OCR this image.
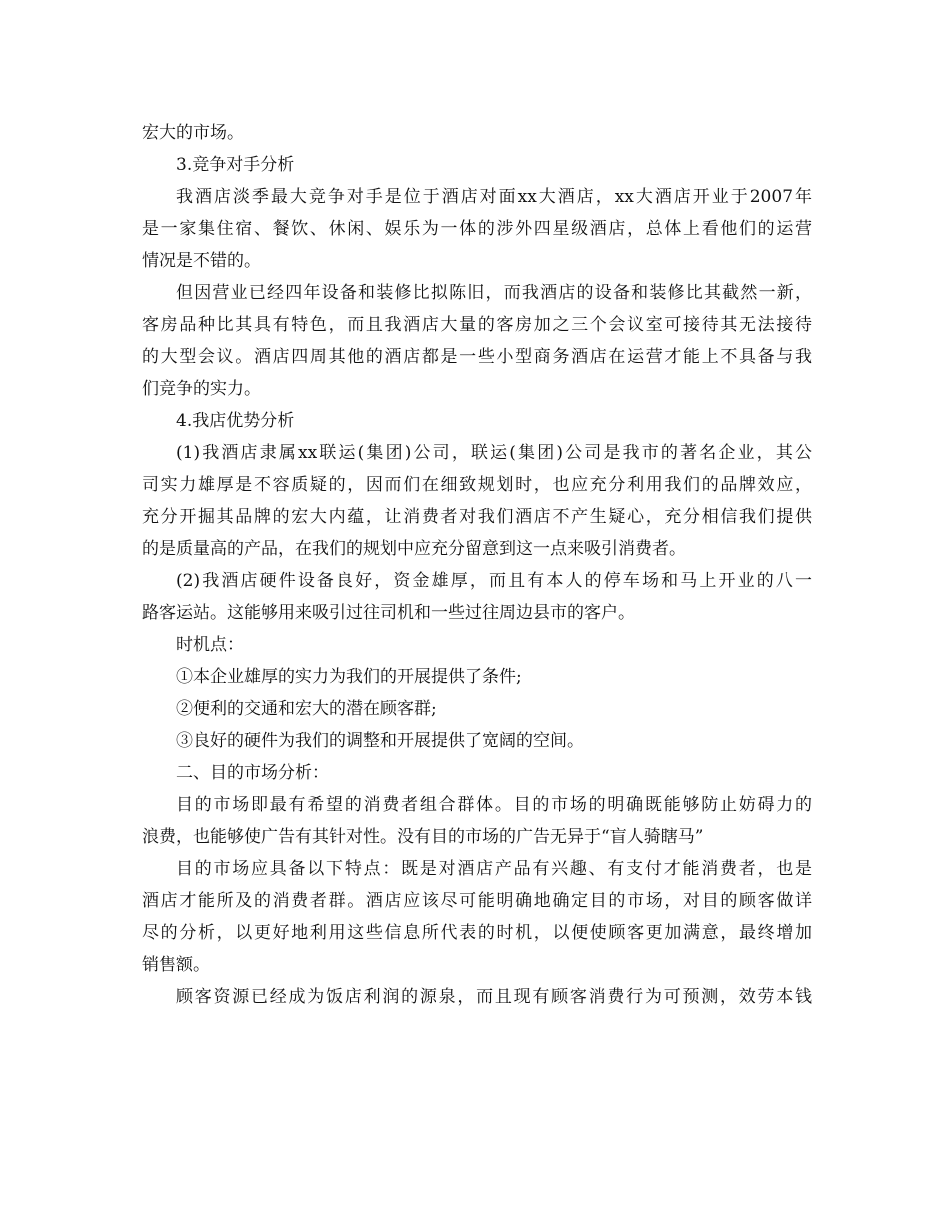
宏大的市场。
3.竞争对手分析
我酒店淡季最大竞争对手是位于酒店对面xx大酒店，xx大酒店开业于2007年
是一家集住宿、餐饮、休闲、娱乐为一体的涉外四星级酒店，总体上看他们的运营
情况是不错的。
但因营业已经四年设备和装修比拟陈旧，而我酒店的设备和装修比其截然一新，
客房品种比其具有特色，而且我酒店大量的客房加之三个会议室可接待其无法接待
的大型会议。酒店四周其他的酒店都是一些小型商务酒店在运营才能上不具备与我
们竞争的实力。
4.我店优势分析
(1)我酒店隶属xx联运(集团)公司，联运(集团)公司是我市的著名企业，其公
司实力雄厚是不容质疑的，因而们在细致规划时，也应充分利用我们的品牌效应，
充分开掘其品牌的宏大内蕴，让消费者对我们酒店不产生疑心，充分相信我们提供
的是质量高的产品，在我们的规划中应充分留意到这一点来吸引消费者。
(2)我酒店硬件设备良好，资金雄厚，而且有本人的停车场和马上开业的八一
路客运站。这能够用来吸引过往司机和一些过往周边县市的客户。
时机点：
①本企业雄厚的实力为我们的开展提供了条件;
②便利的交通和宏大的潜在顾客群;
③良好的硬件为我们的调整和开展提供了宽阔的空间。
二、目的市场分析：
目的市场即最有希望的消费者组合群体。目的市场的明确既能够防止妨碍力的
浪费，也能够使广告有其针对性。没有目的市场的广告无异于“盲人骑瞎马”
目的市场应具备以下特点：既是对酒店产品有兴趣、有支付才能消费者，也是
酒店才能所及的消费者群。酒店应该尽可能明确地确定目的市场，对目的顾客做详
尽的分析，以更好地利用这些信息所代表的时机，以便使顾客更加满意，最终增加
销售额。
顾客资源已经成为饭店利润的源泉，而且现有顾客消费行为可预测，效劳本钱
